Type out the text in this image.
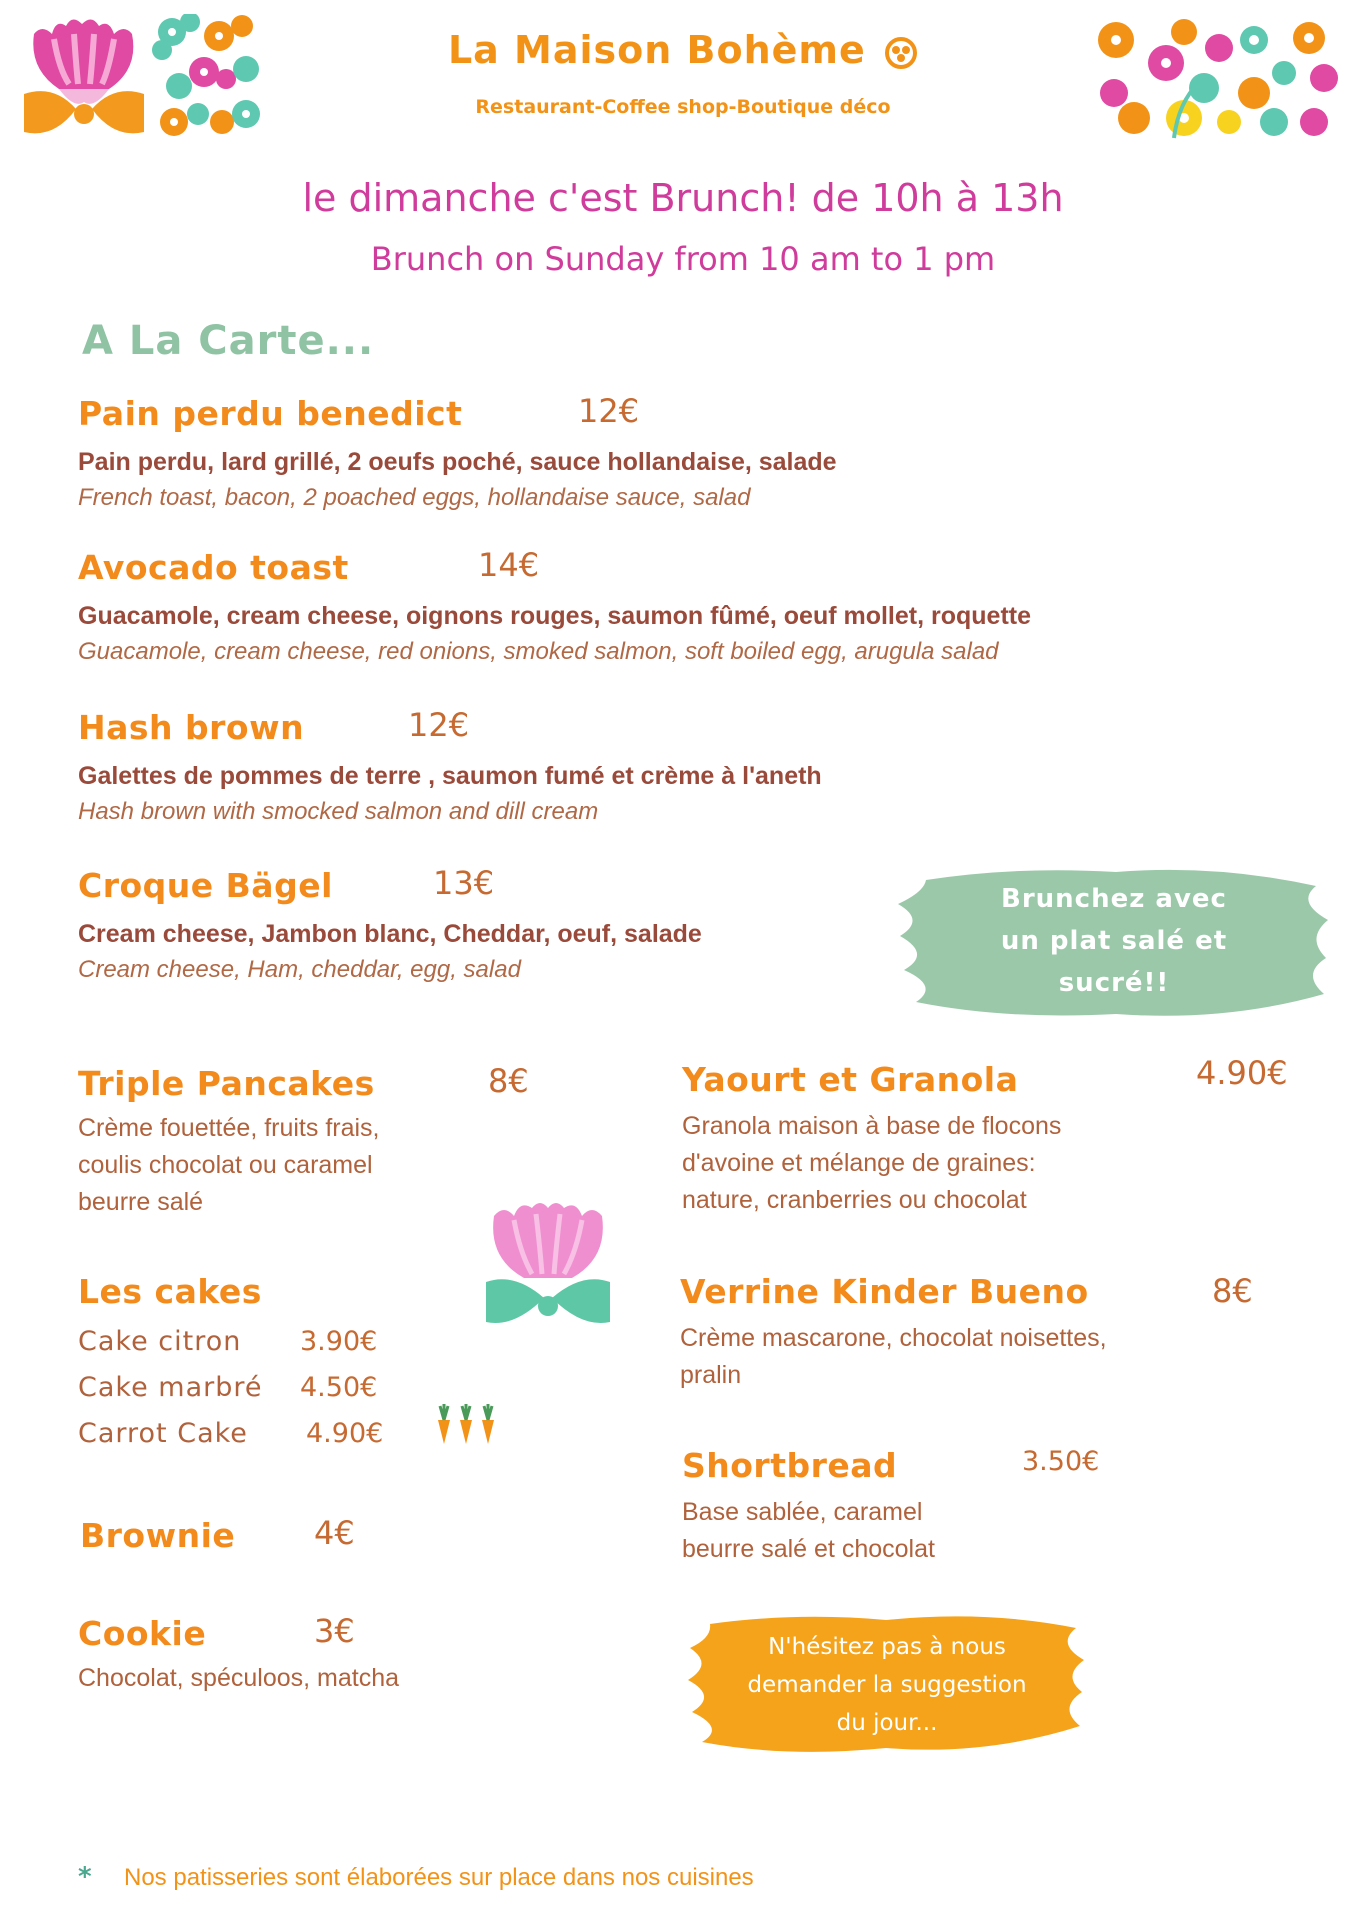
La Maison Bohème
Restaurant-Coffee shop-Boutique déco
le dimanche c'est Brunch! de 10h à 13h
Brunch on Sunday from 10 am to 1 pm
A La Carte...
Pain perdu benedict	12€
Pain perdu, lard grillé, 2 oeufs poché, sauce hollandaise, salade
French toast, bacon, 2 poached eggs, hollandaise sauce, salad
Avocado toast	14€
Guacamole, cream cheese, oignons rouges, saumon fûmé, oeuf mollet, roquette
Guacamole, cream cheese, red onions, smoked salmon, soft boiled egg, arugula salad
Hash brown	12€
Galettes de pommes de terre , saumon fumé et crème à l'aneth
Hash brown with smocked salmon and dill cream
Croque Bägel	13€
Cream cheese, Jambon blanc, Cheddar, oeuf, salade
Cream cheese, Ham, cheddar, egg, salad
Brunchez avec
un plat salé et
sucré!!
Triple Pancakes	8€
Crème fouettée, fruits frais,
coulis chocolat ou caramel
beurre salé
Les cakes
Cake citron 3.90€
Cake marbré 4.50€
Carrot Cake 4.90€
Brownie 4€
Cookie	3€
Chocolat, spéculoos, matcha
Yaourt et Granola	4.90€
Granola maison à base de flocons
d'avoine et mélange de graines:
nature, cranberries ou chocolat
Verrine Kinder Bueno	8€
Crème mascarone, chocolat noisettes,
pralin
Shortbread	3.50€
Base sablée, caramel
beurre salé et chocolat
N'hésitez pas à nous
demander la suggestion
du jour...
* Nos patisseries sont élaborées sur place dans nos cuisines
